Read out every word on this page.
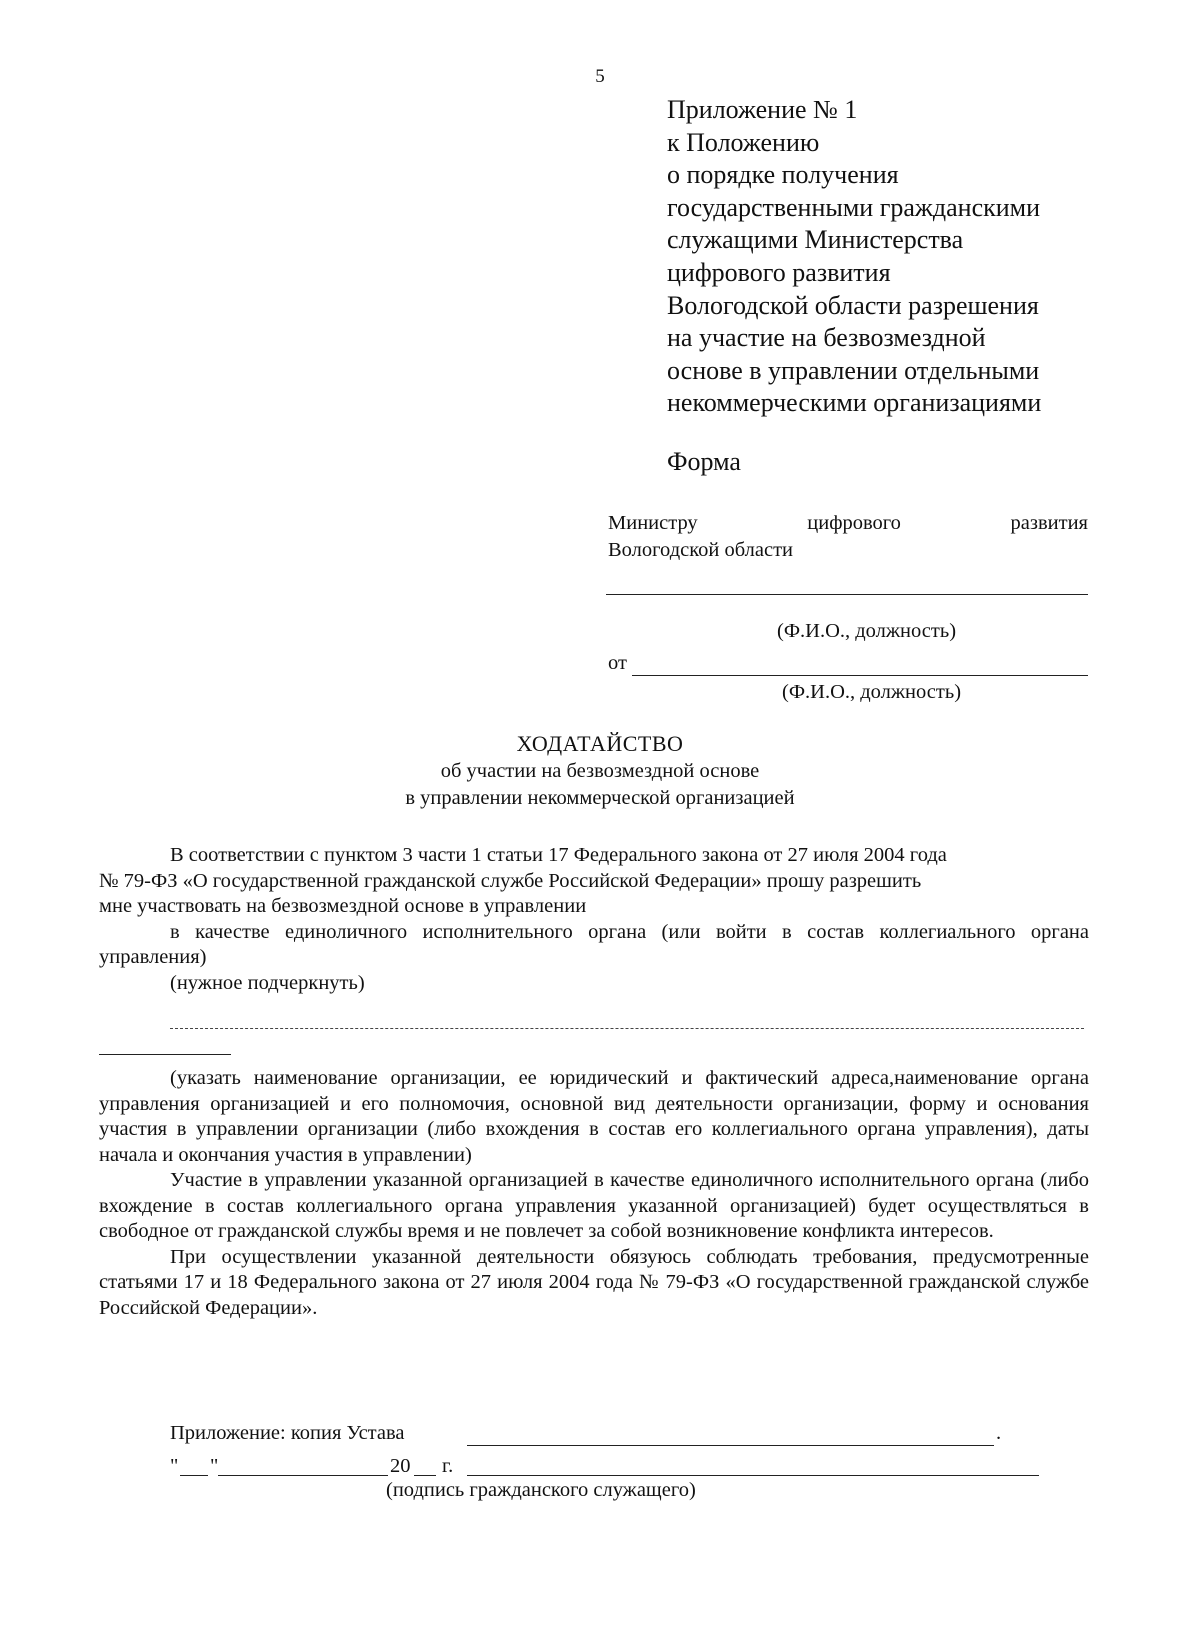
5
Приложение № 1
к Положению
о порядке получения
государственными гражданскими
служащими Министерства
цифрового развития
Вологодской области разрешения
на участие на безвозмездной
основе в управлении отдельными
некоммерческими организациями
Форма
Министру	цифрового	развития
Вологодской области
(Ф.И.О., должность)
от
(Ф.И.О., должность)
ХОДАТАЙСТВО
об участии на безвозмездной основе
в управлении некоммерческой организацией

В соответствии с пунктом 3 части 1 статьи 17 Федерального закона от 27 июля 2004 года

№ 79-ФЗ «О государственной гражданской службе Российской Федерации» прошу разрешить

мне участвовать на безвозмездной основе в управлении

в качестве единоличного исполнительного органа (или войти в состав коллегиального органа управления)

(нужное подчеркнуть)

(указать наименование организации, ее юридический и фактический адреса,наименование органа управления организацией и его полномочия, основной вид деятельности организации, форму и основания участия в управлении организации (либо вхождения в состав его коллегиального органа управления), даты начала и окончания участия в управлении)

Участие в управлении указанной организацией в качестве единоличного исполнительного органа (либо вхождение в состав коллегиального органа управления указанной организацией) будет осуществляться в свободное от гражданской службы время и не повлечет за собой возникновение конфликта интересов.

При осуществлении указанной деятельности обязуюсь соблюдать требования, предусмотренные статьями 17 и 18 Федерального закона от 27 июля 2004 года № 79-ФЗ «О государственной гражданской службе Российской Федерации».

Приложение: копия Устава	.
" "	20 г.
(подпись гражданского служащего)
